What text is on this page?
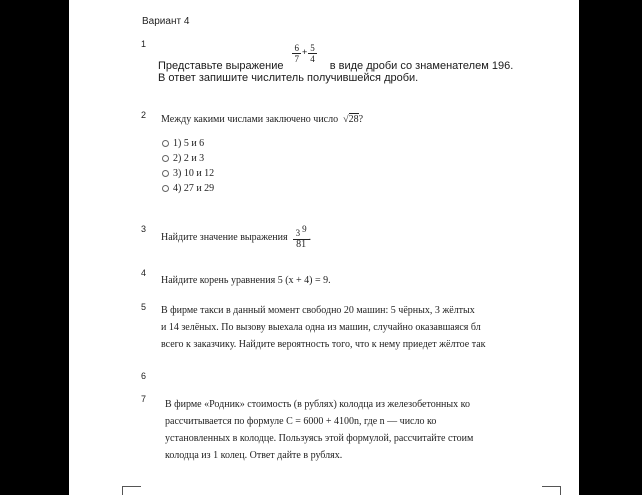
Вариант 4
1
Представьте выражение
$\frac{6}{7} + \frac{5}{4}$
в виде дроби со знаменателем 196.
В ответ запишите числитель получившейся дроби.
2 Между какими числами заключено число  √28?
1) 5 и 6
2) 2 и 3
3) 10 и 12
4) 27 и 29
3
Найдите значение выражения $\frac{3 9}{81}$ .
4
Найдите корень уравнения 5 (x + 4) = 9.
5 В фирме такси в данный момент свободно 20 машин: 5 чёрных, 3 жёлтых
и 14 зелёных. По вызову выехала одна из машин, случайно оказавшаяся бл
всего к заказчику. Найдите вероятность того, что к нему приедет жёлтое так
6
7 В фирме «Родник» стоимость (в рублях) колодца из железобетонных ко
рассчитывается по формуле C = 6000 + 4100n, где n — число ко
установленных в колодце. Пользуясь этой формулой, рассчитайте стоим
колодца из 1 колец. Ответ дайте в рублях.
